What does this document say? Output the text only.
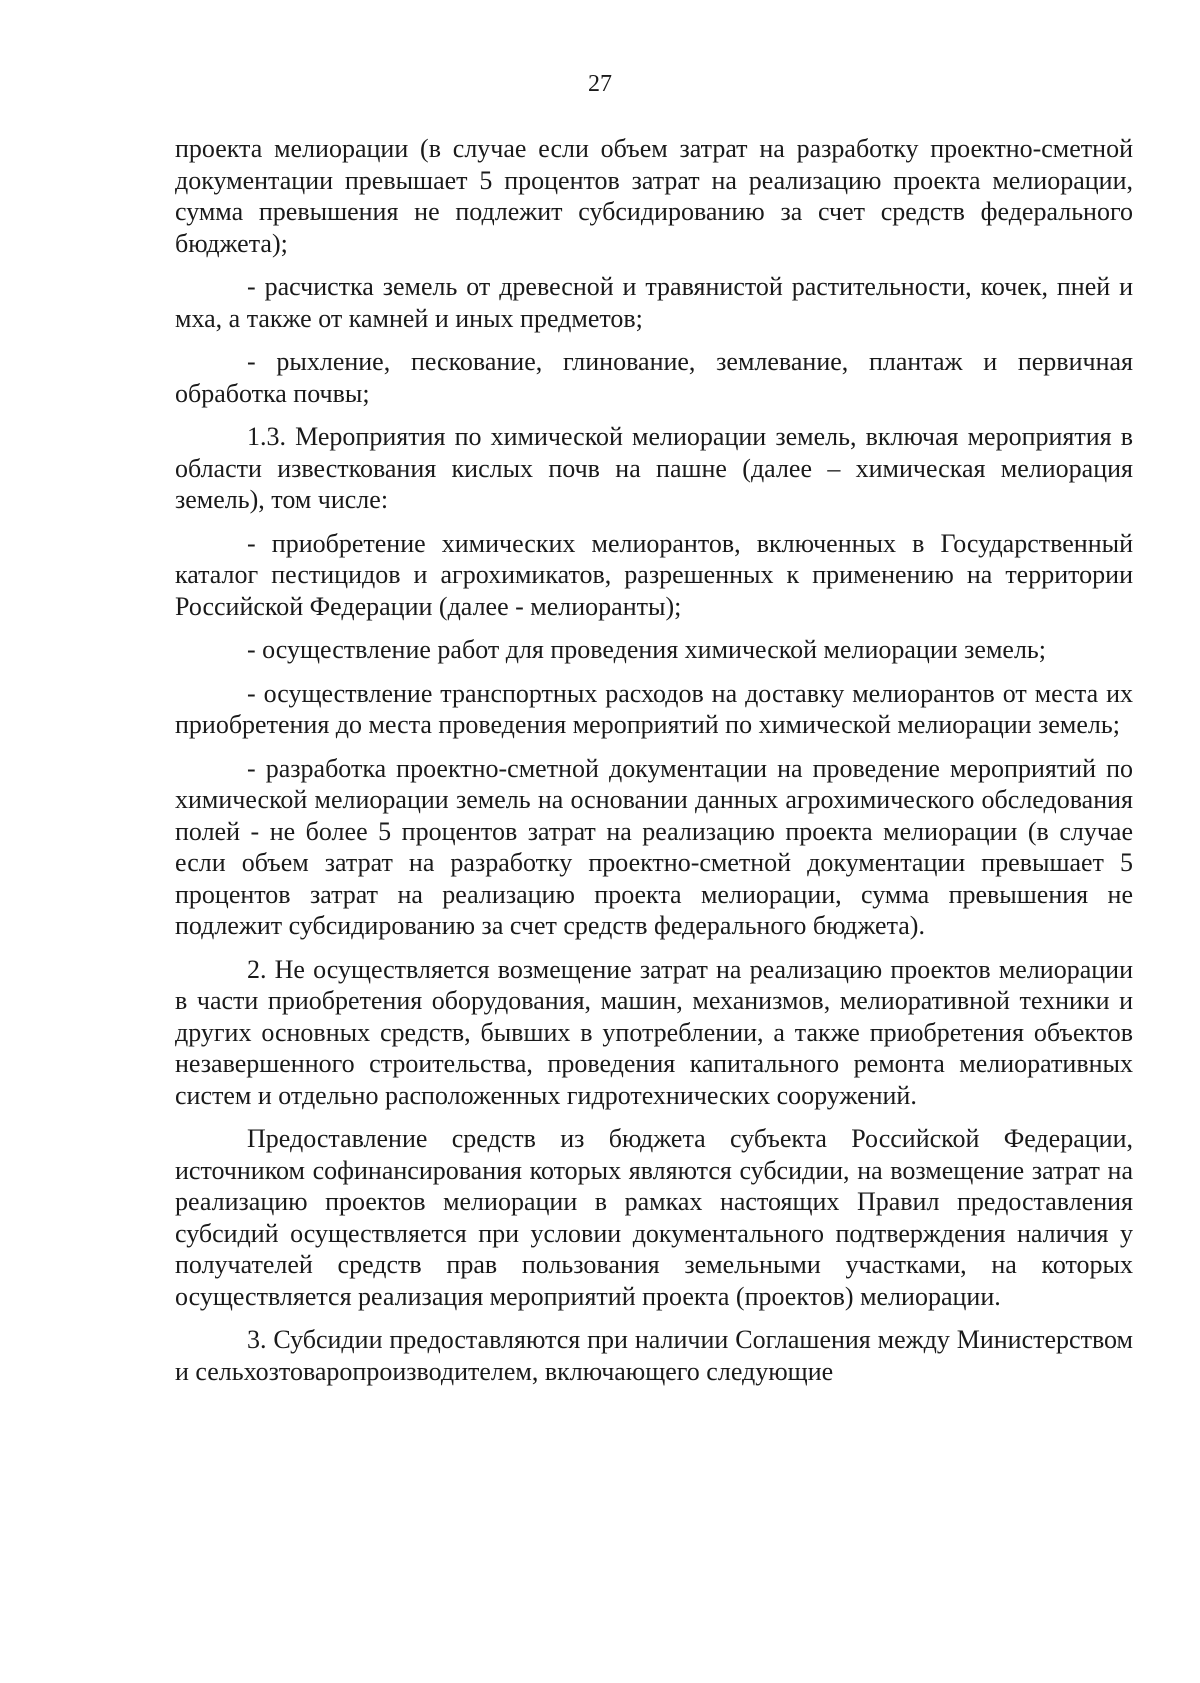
27

проекта мелиорации (в случае если объем затрат на разработку проектно-сметной документации превышает 5 процентов затрат на реализацию проекта мелиорации, сумма превышения не подлежит субсидированию за счет средств федерального бюджета);

- расчистка земель от древесной и травянистой растительности, кочек, пней и мха, а также от камней и иных предметов;

- рыхление, пескование, глинование, землевание, плантаж и первичная обработка почвы;

1.3. Мероприятия по химической мелиорации земель, включая мероприятия в области известкования кислых почв на пашне (далее – химическая мелиорация земель), том числе:

- приобретение химических мелиорантов, включенных в Государственный каталог пестицидов и агрохимикатов, разрешенных к применению на территории Российской Федерации (далее - мелиоранты);

- осуществление работ для проведения химической мелиорации земель;

- осуществление транспортных расходов на доставку мелиорантов от места их приобретения до места проведения мероприятий по химической мелиорации земель;

- разработка проектно-сметной документации на проведение мероприятий по химической мелиорации земель на основании данных агрохимического обследования полей - не более 5 процентов затрат на реализацию проекта мелиорации (в случае если объем затрат на разработку проектно-сметной документации превышает 5 процентов затрат на реализацию проекта мелиорации, сумма превышения не подлежит субсидированию за счет средств федерального бюджета).

2. Не осуществляется возмещение затрат на реализацию проектов мелиорации в части приобретения оборудования, машин, механизмов, мелиоративной техники и других основных средств, бывших в употреблении, а также приобретения объектов незавершенного строительства, проведения капитального ремонта мелиоративных систем и отдельно расположенных гидротехнических сооружений.

Предоставление средств из бюджета субъекта Российской Федерации, источником софинансирования которых являются субсидии, на возмещение затрат на реализацию проектов мелиорации в рамках настоящих Правил предоставления субсидий осуществляется при условии документального подтверждения наличия у получателей средств прав пользования земельными участками, на которых осуществляется реализация мероприятий проекта (проектов) мелиорации.

3. Субсидии предоставляются при наличии Соглашения между Министерством и сельхозтоваропроизводителем, включающего следующие
